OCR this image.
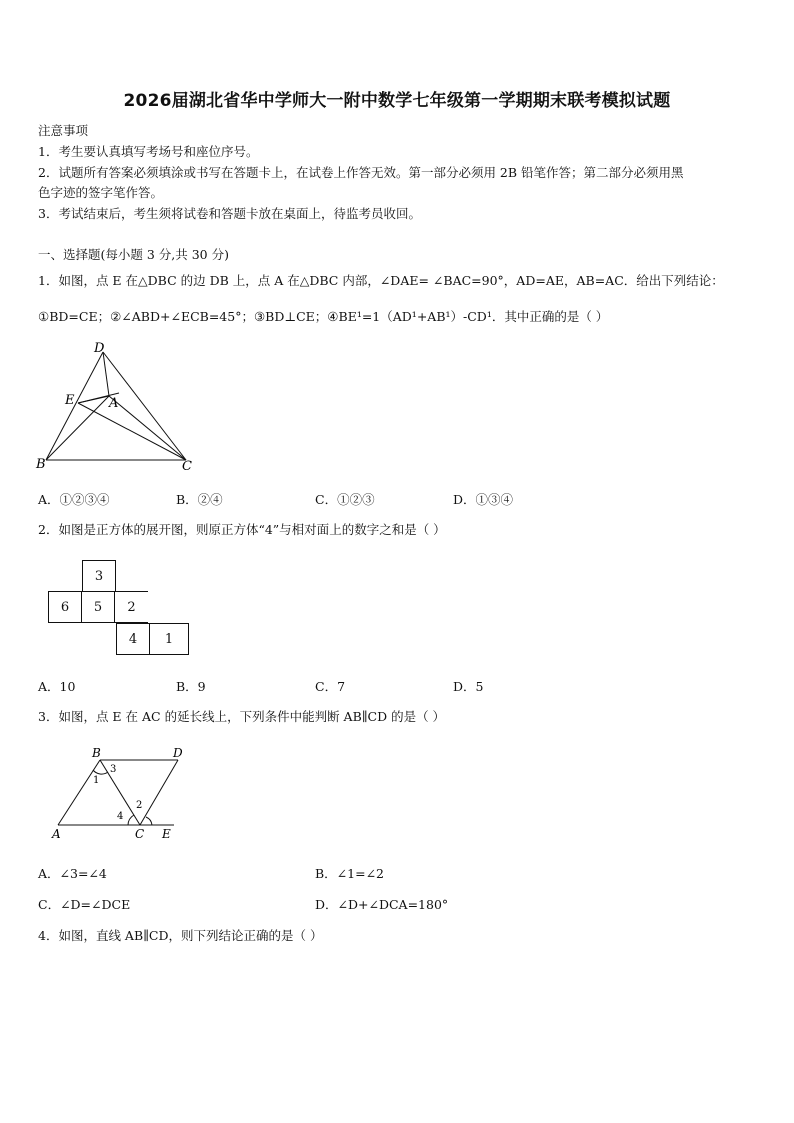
2026届湖北省华中学师大一附中数学七年级第一学期期末联考模拟试题
注意事项
1．考生要认真填写考场号和座位序号。
2．试题所有答案必须填涂或书写在答题卡上，在试卷上作答无效。第一部分必须用 2B 铅笔作答；第二部分必须用黑
色字迹的签字笔作答。
3．考试结束后，考生须将试卷和答题卡放在桌面上，待监考员收回。
一、选择题(每小题 3 分,共 30 分)
1．如图，点 E 在△DBC 的边 DB 上，点 A 在△DBC 内部，∠DAE= ∠BAC=90°，AD=AE，AB=AC．给出下列结论：
①BD=CE；②∠ABD+∠ECB=45°；③BD⊥CE；④BE¹=1（AD¹+AB¹）-CD¹．其中正确的是（ ）
D
E	A
B	C
A．①②③④	B．②④	C．①②③	D．①③④
2．如图是正方体的展开图，则原正方体“4”与相对面上的数字之和是（ ）
3
6	5	2
4	1
A．10	B．9	C．7	D．5
3．如图，点 E 在 AC 的延长线上，下列条件中能判断 AB∥CD 的是（ ）
B	D
A	C E
1
2
3
4
A．∠3=∠4	B．∠1=∠2
C．∠D=∠DCE	D．∠D+∠DCA=180°
4．如图，直线 AB∥CD，则下列结论正确的是（ ）
